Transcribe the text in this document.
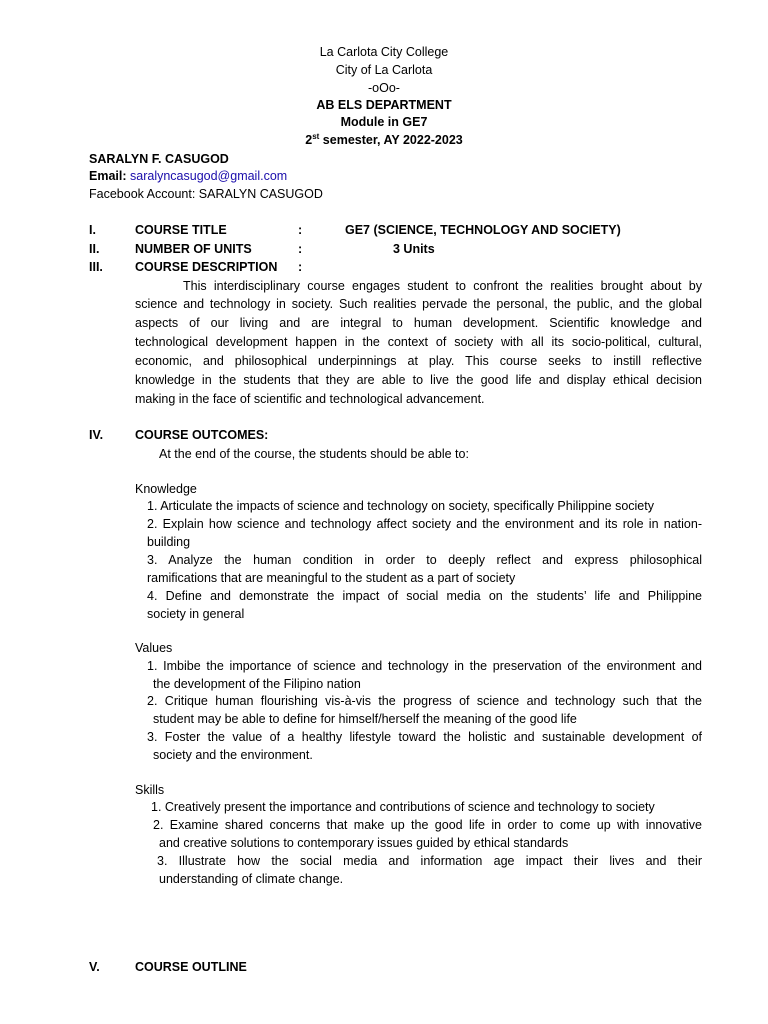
La Carlota City College
City of La Carlota
-oOo-
AB ELS DEPARTMENT
Module in GE7
2st semester, AY 2022-2023
SARALYN F. CASUGOD
Email: saralyncasugod@gmail.com
Facebook Account: SARALYN CASUGOD
I.	COURSE TITLE	:	GE7 (SCIENCE, TECHNOLOGY AND SOCIETY)
II.	NUMBER OF UNITS	:	3 Units
III.	COURSE DESCRIPTION :
This interdisciplinary course engages student to confront the realities brought about by
science and technology in society. Such realities pervade the personal, the public, and the global
aspects of our living and are integral to human development. Scientific knowledge and
technological development happen in the context of society with all its socio-political, cultural,
economic, and philosophical underpinnings at play. This course seeks to instill reflective
knowledge in the students that they are able to live the good life and display ethical decision
making in the face of scientific and technological advancement.
IV.	COURSE OUTCOMES:
At the end of the course, the students should be able to:
Knowledge
1. Articulate the impacts of science and technology on society, specifically Philippine society
2. Explain how science and technology affect society and the environment and its role in nation-
building
3. Analyze the human condition in order to deeply reflect and express philosophical
ramifications that are meaningful to the student as a part of society
4. Define and demonstrate the impact of social media on the students’ life and Philippine
society in general
Values
1. Imbibe the importance of science and technology in the preservation of the environment and
the development of the Filipino nation
2. Critique human flourishing vis-à-vis the progress of science and technology such that the
student may be able to define for himself/herself the meaning of the good life
3. Foster the value of a healthy lifestyle toward the holistic and sustainable development of
society and the environment.
Skills
1. Creatively present the importance and contributions of science and technology to society
2. Examine shared concerns that make up the good life in order to come up with innovative
and creative solutions to contemporary issues guided by ethical standards
3. Illustrate how the social media and information age impact their lives and their
understanding of climate change.
V.	COURSE OUTLINE
